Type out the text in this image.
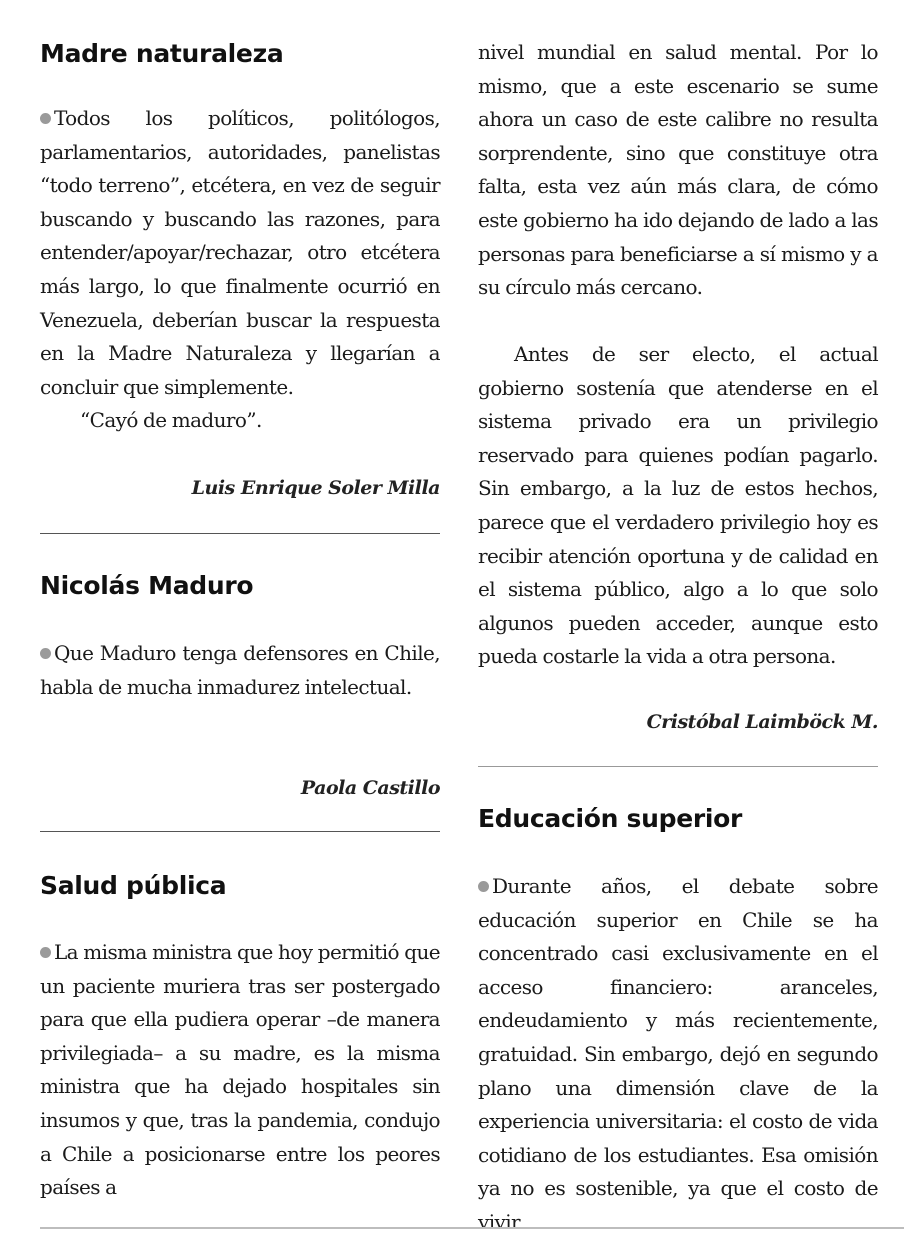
Madre naturaleza

Todos los políticos, politólogos, parlamentarios, autoridades, panelistas “todo terreno”, etcétera, en vez de seguir buscando y buscando las razones, para entender/apoyar/rechazar, otro etcétera más largo, lo que finalmente ocurrió en Venezuela, deberían buscar la respuesta en la Madre Naturaleza y llegarían a concluir que simplemente.

“Cayó de maduro”.

Luis Enrique Soler Milla

Nicolás Maduro

Que Maduro tenga defensores en Chile, habla de mucha inmadurez intelectual.

Paola Castillo

Salud pública

La misma ministra que hoy permitió que un paciente muriera tras ser postergado para que ella pudiera operar –de manera privilegiada– a su madre, es la misma ministra que ha dejado hospitales sin insumos y que, tras la pandemia, condujo a Chile a posicionarse entre los peores países a

nivel mundial en salud mental. Por lo mismo, que a este escenario se sume ahora un caso de este calibre no resulta sorprendente, sino que constituye otra falta, esta vez aún más clara, de cómo este gobierno ha ido dejando de lado a las personas para beneficiarse a sí mismo y a su círculo más cercano.

Antes de ser electo, el actual gobierno sostenía que atenderse en el sistema privado era un privilegio reservado para quienes podían pagarlo. Sin embargo, a la luz de estos hechos, parece que el verdadero privilegio hoy es recibir atención oportuna y de calidad en el sistema público, algo a lo que solo algunos pueden acceder, aunque esto pueda costarle la vida a otra persona.

Cristóbal Laimböck M.

Educación superior

Durante años, el debate sobre educación superior en Chile se ha concentrado casi exclusivamente en el acceso financiero: aranceles, endeudamiento y más recientemente, gratuidad. Sin embargo, dejó en segundo plano una dimensión clave de la experiencia universitaria: el costo de vida cotidiano de los estudiantes. Esa omisión ya no es sostenible, ya que el costo de vivir
